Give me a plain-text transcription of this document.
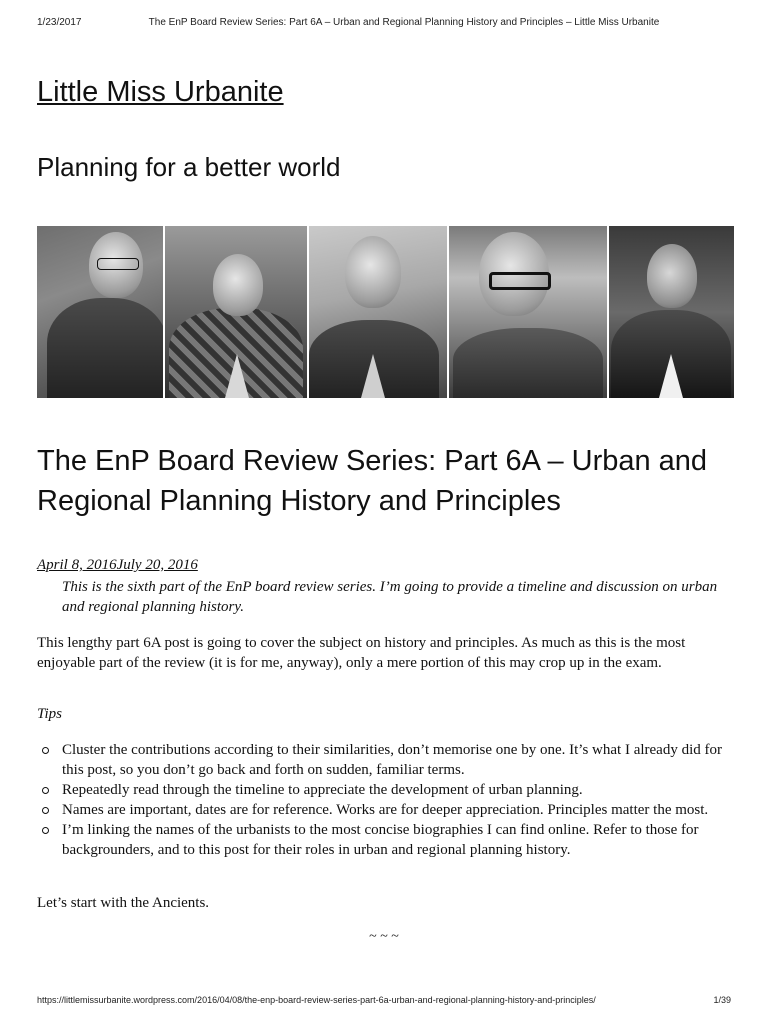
1/23/2017	The EnP Board Review Series: Part 6A – Urban and Regional Planning History and Principles – Little Miss Urbanite
Little Miss Urbanite
Planning for a better world
The EnP Board Review Series: Part 6A – Urban and Regional Planning History and Principles
April 8, 2016July 20, 2016

This is the sixth part of the EnP board review series. I’m going to provide a timeline and discussion on urban and regional planning history.

This lengthy part 6A post is going to cover the subject on history and principles. As much as this is the most enjoyable part of the review (it is for me, anyway), only a mere portion of this may crop up in the exam.

Tips
Cluster the contributions according to their similarities, don’t memorise one by one. It’s what I already did for this post, so you don’t go back and forth on sudden, familiar terms.
Repeatedly read through the timeline to appreciate the development of urban planning.
Names are important, dates are for reference. Works are for deeper appreciation. Principles matter the most.
I’m linking the names of the urbanists to the most concise biographies I can find online. Refer to those for backgrounders, and to this post for their roles in urban and regional planning history.

Let’s start with the Ancients.

~ ~ ~
https://littlemissurbanite.wordpress.com/2016/04/08/the-enp-board-review-series-part-6a-urban-and-regional-planning-history-and-principles/	1/39
